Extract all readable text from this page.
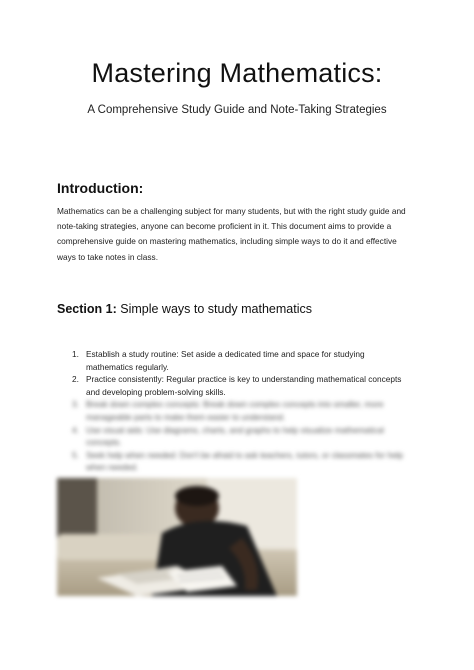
Mastering Mathematics:
A Comprehensive Study Guide and Note-Taking Strategies
Introduction:
Mathematics can be a challenging subject for many students, but with the right study guide and note-taking strategies, anyone can become proficient in it. This document aims to provide a comprehensive guide on mastering mathematics, including simple ways to do it and effective ways to take notes in class.
Section 1: Simple ways to study mathematics
1. Establish a study routine: Set aside a dedicated time and space for studying mathematics regularly.
2. Practice consistently: Regular practice is key to understanding mathematical concepts and developing problem-solving skills.
3. Break down complex concepts: Break down complex concepts into smaller, more manageable parts to make them easier to understand.
4. Use visual aids: Use diagrams, charts, and graphs to help visualize mathematical concepts.
5. Seek help when needed: Don't be afraid to ask teachers, tutors, or classmates for help when needed.
